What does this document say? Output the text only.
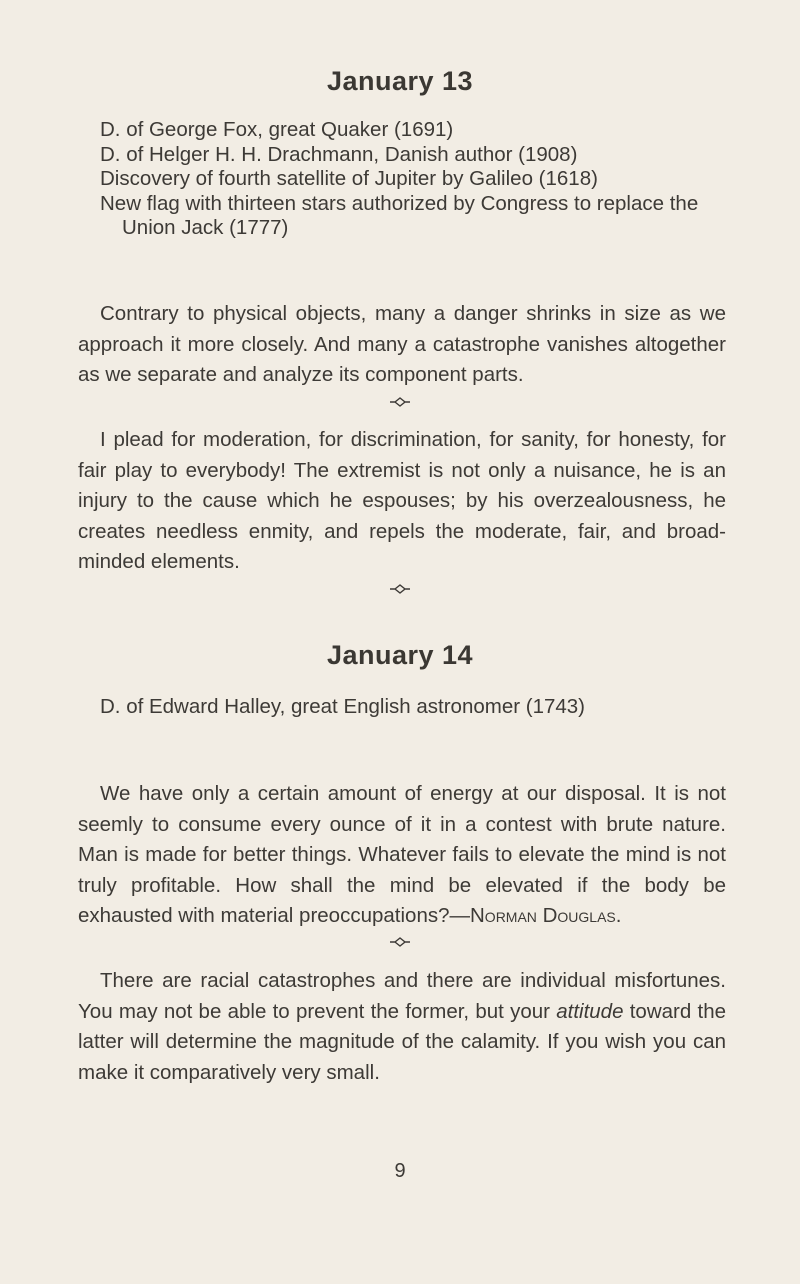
January 13
D. of George Fox, great Quaker (1691)
D. of Helger H. H. Drachmann, Danish author (1908)
Discovery of fourth satellite of Jupiter by Galileo (1618)
New flag with thirteen stars authorized by Congress to replace the Union Jack (1777)

Contrary to physical objects, many a danger shrinks in size as we approach it more closely. And many a catastrophe vanishes altogether as we separate and analyze its component parts.

I plead for moderation, for discrimination, for sanity, for honesty, for fair play to everybody! The extremist is not only a nuisance, he is an injury to the cause which he espouses; by his overzealousness, he creates needless enmity, and repels the moderate, fair, and broad-minded elements.

January 14
D. of Edward Halley, great English astronomer (1743)

We have only a certain amount of energy at our disposal. It is not seemly to consume every ounce of it in a contest with brute nature. Man is made for better things. Whatever fails to elevate the mind is not truly profitable. How shall the mind be elevated if the body be exhausted with material preoccupations?—Norman Douglas.

There are racial catastrophes and there are individual misfortunes. You may not be able to prevent the former, but your attitude toward the latter will determine the magnitude of the calamity. If you wish you can make it comparatively very small.

9
